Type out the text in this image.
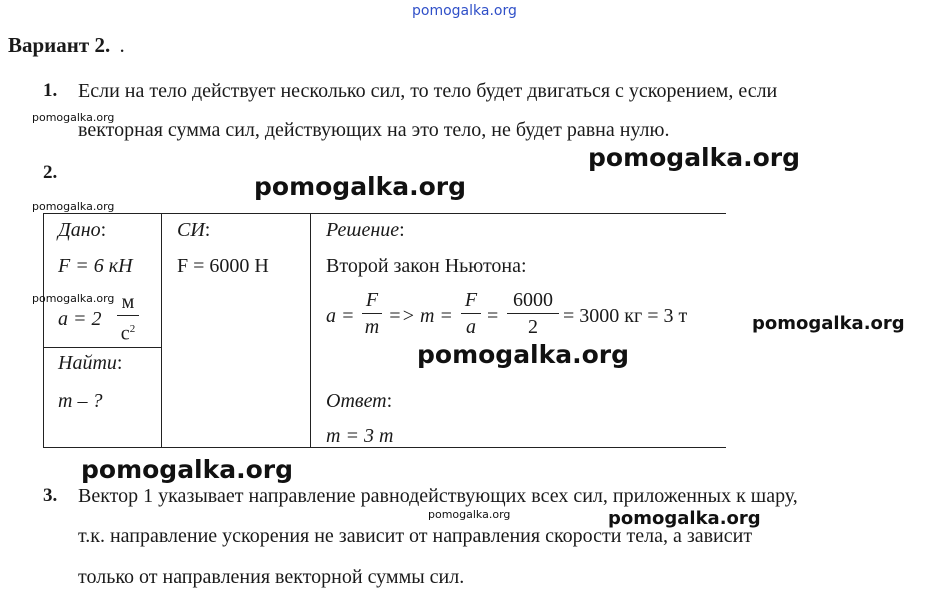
pomogalka.org
Вариант 2. .
1. Если на тело действует несколько сил, то тело будет двигаться с ускорением, если
векторная сумма сил, действующих на это тело, не будет равна нулю.
2.
Дано:
F = 6 кН
a = 2
м
$с^2$
Найти:
m – ?
СИ:
F = 6000 Н
Решение:
Второй закон Ньютона:
a =
F
m => m =
F
a =
6000
2	= 3000 кг = 3 т
Ответ:
m = 3 т
3. Вектор 1 указывает направление равнодействующих всех сил, приложенных к шару,
т.к. направление ускорения не зависит от направления скорости тела, а зависит
только от направления векторной суммы сил.
pomogalka.org
pomogalka.org
pomogalka.org
pomogalka.org
pomogalka.org
pomogalka.org
pomogalka.org
pomogalka.org
pomogalka.org
pomogalka.org
